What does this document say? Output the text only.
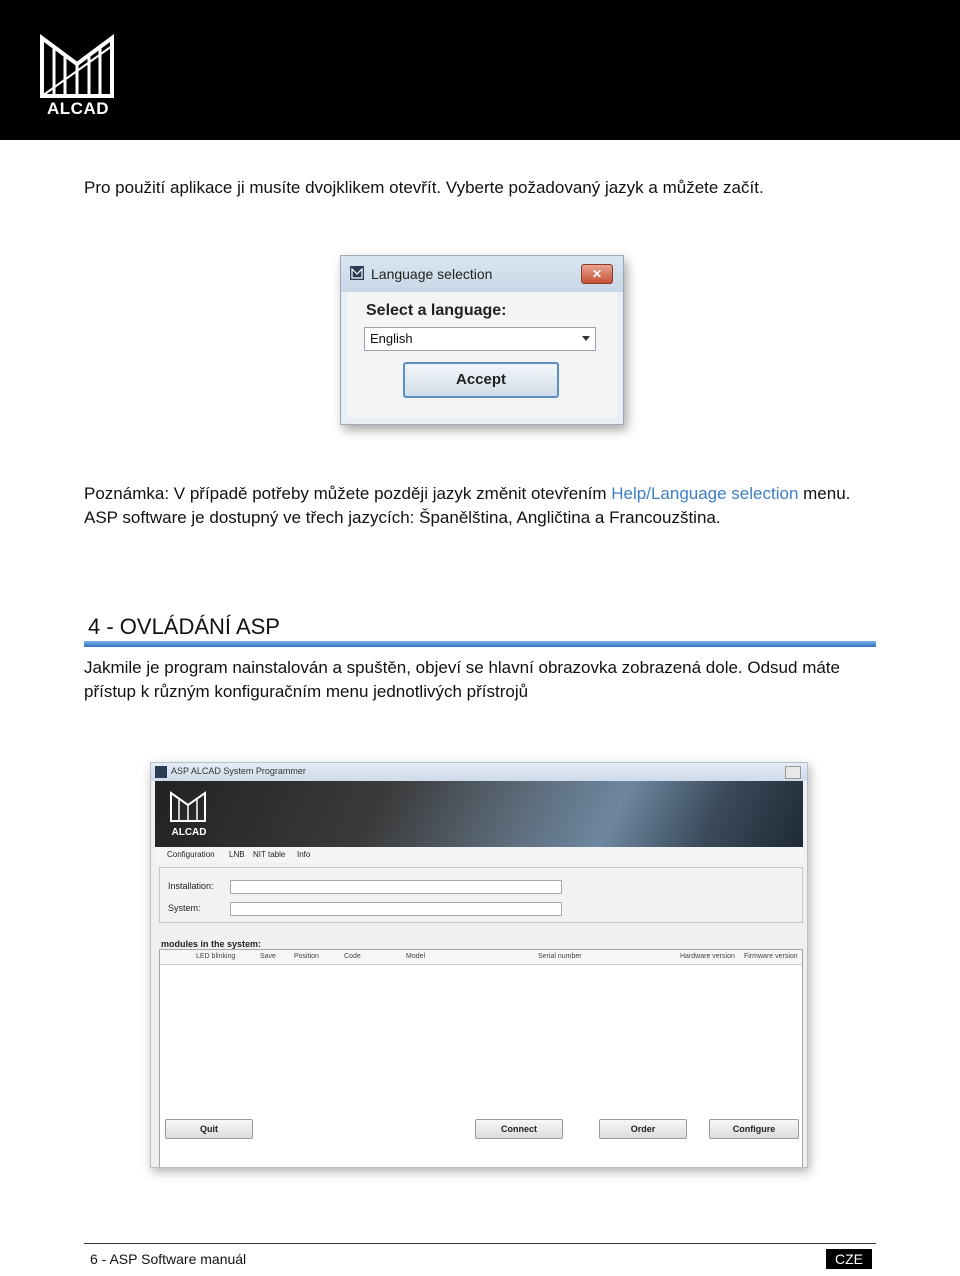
ALCAD
Pro použití aplikace ji musíte dvojklikem otevřít. Vyberte požadovaný jazyk a můžete začít.
Language selection	✕
Select a language:
English
Accept
Poznámka: V případě potřeby můžete později jazyk změnit otevřením Help/Language selection menu. ASP software je dostupný ve třech jazycích: Španělština, Angličtina a Francouzština.
4 - OVLÁDÁNÍ ASP
Jakmile je program nainstalován a spuštěn, objeví se hlavní obrazovka zobrazená dole. Odsud máte přístup k různým konfiguračním menu jednotlivých přístrojů
ASP ALCAD System Programmer
ALCAD
Configuration LNB NIT table Info
Installation:
System:
modules in the system:
LED blinking	Save	Position	Code	Model	Serial number	Hardware version Firmware version
Quit	Connect	Order	Configure
6 - ASP Software manuál	CZE
